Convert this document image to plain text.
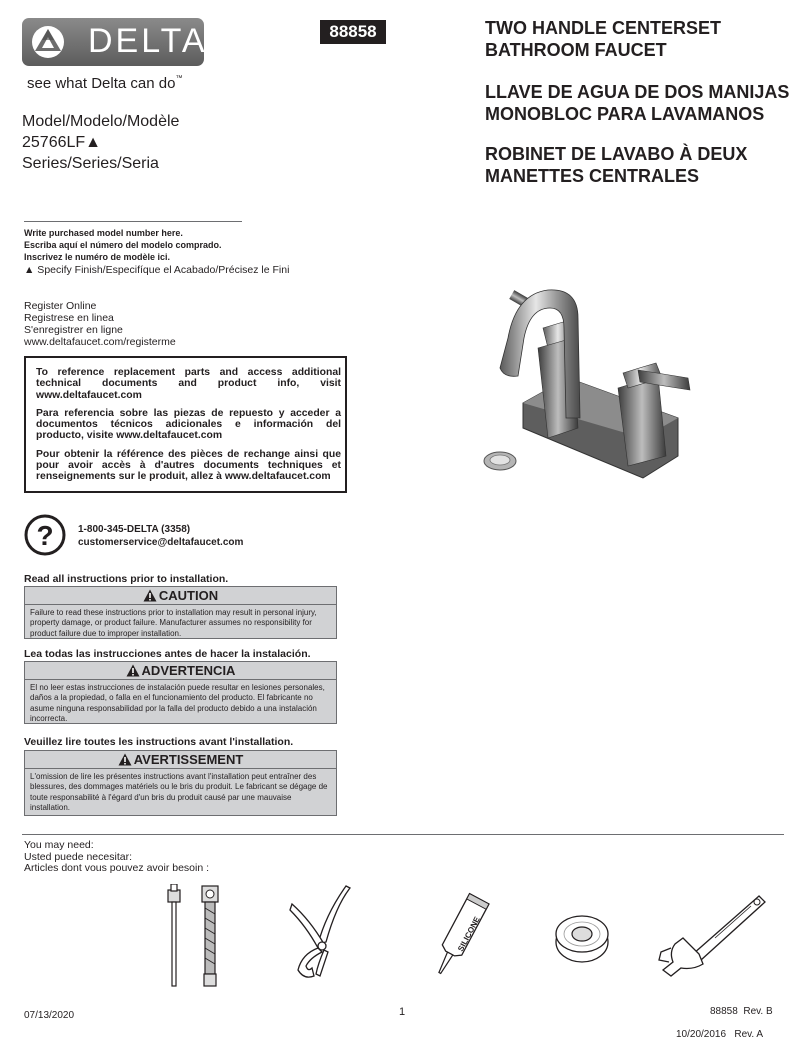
DELTA
see what Delta can do™
88858	TWO HANDLE CENTERSET
BATHROOM FAUCET
LLAVE DE AGUA DE DOS MANIJAS
MONOBLOC PARA LAVAMANOS
ROBINET DE LAVABO À DEUX
MANETTES CENTRALES
Model/Modelo/Modèle
25766LF▲
Series/Series/Seria
Write purchased model number here.
Escriba aquí el número del modelo comprado.
Inscrivez le numéro de modèle ici.
▲ Specify Finish/Especifíque el Acabado/Précisez le Fini
Register Online
Registrese en linea
S'enregistrer en ligne
www.deltafaucet.com/registerme

To reference replacement parts and access additional technical documents and product info, visit www.deltafaucet.com

Para referencia sobre las piezas de repuesto y acceder a documentos técnicos adicionales e información del producto, visite www.deltafaucet.com

Pour obtenir la référence des pièces de rechange ainsi que pour avoir accès à d'autres documents techniques et renseignements sur le produit, allez à www.deltafaucet.com

? 1-800-345-DELTA (3358)
customerservice@deltafaucet.com
Read all instructions prior to installation.
CAUTION
Failure to read these instructions prior to installation may result in personal injury, property damage, or product failure. Manufacturer assumes no responsibility for product failure due to improper installation.
Lea todas las instrucciones antes de hacer la instalación.
ADVERTENCIA
El no leer estas instrucciones de instalación puede resultar en lesiones personales, daños a la propiedad, o falla en el funcionamiento del producto. El fabricante no asume ninguna responsabilidad por la falla del producto debido a una instalación incorrecta.
Veuillez lire toutes les instructions avant l'installation.
AVERTISSEMENT
L'omission de lire les présentes instructions avant l'installation peut entraîner des blessures, des dommages matériels ou le bris du produit. Le fabricant se dégage de toute responsabilité à l'égard d'un bris du produit causé par une mauvaise installation.
You may need:
Usted puede necesitar:
Articles dont vous pouvez avoir besoin :
SILICONE
07/13/2020	1	88858  Rev. B
10/20/2016   Rev. A
